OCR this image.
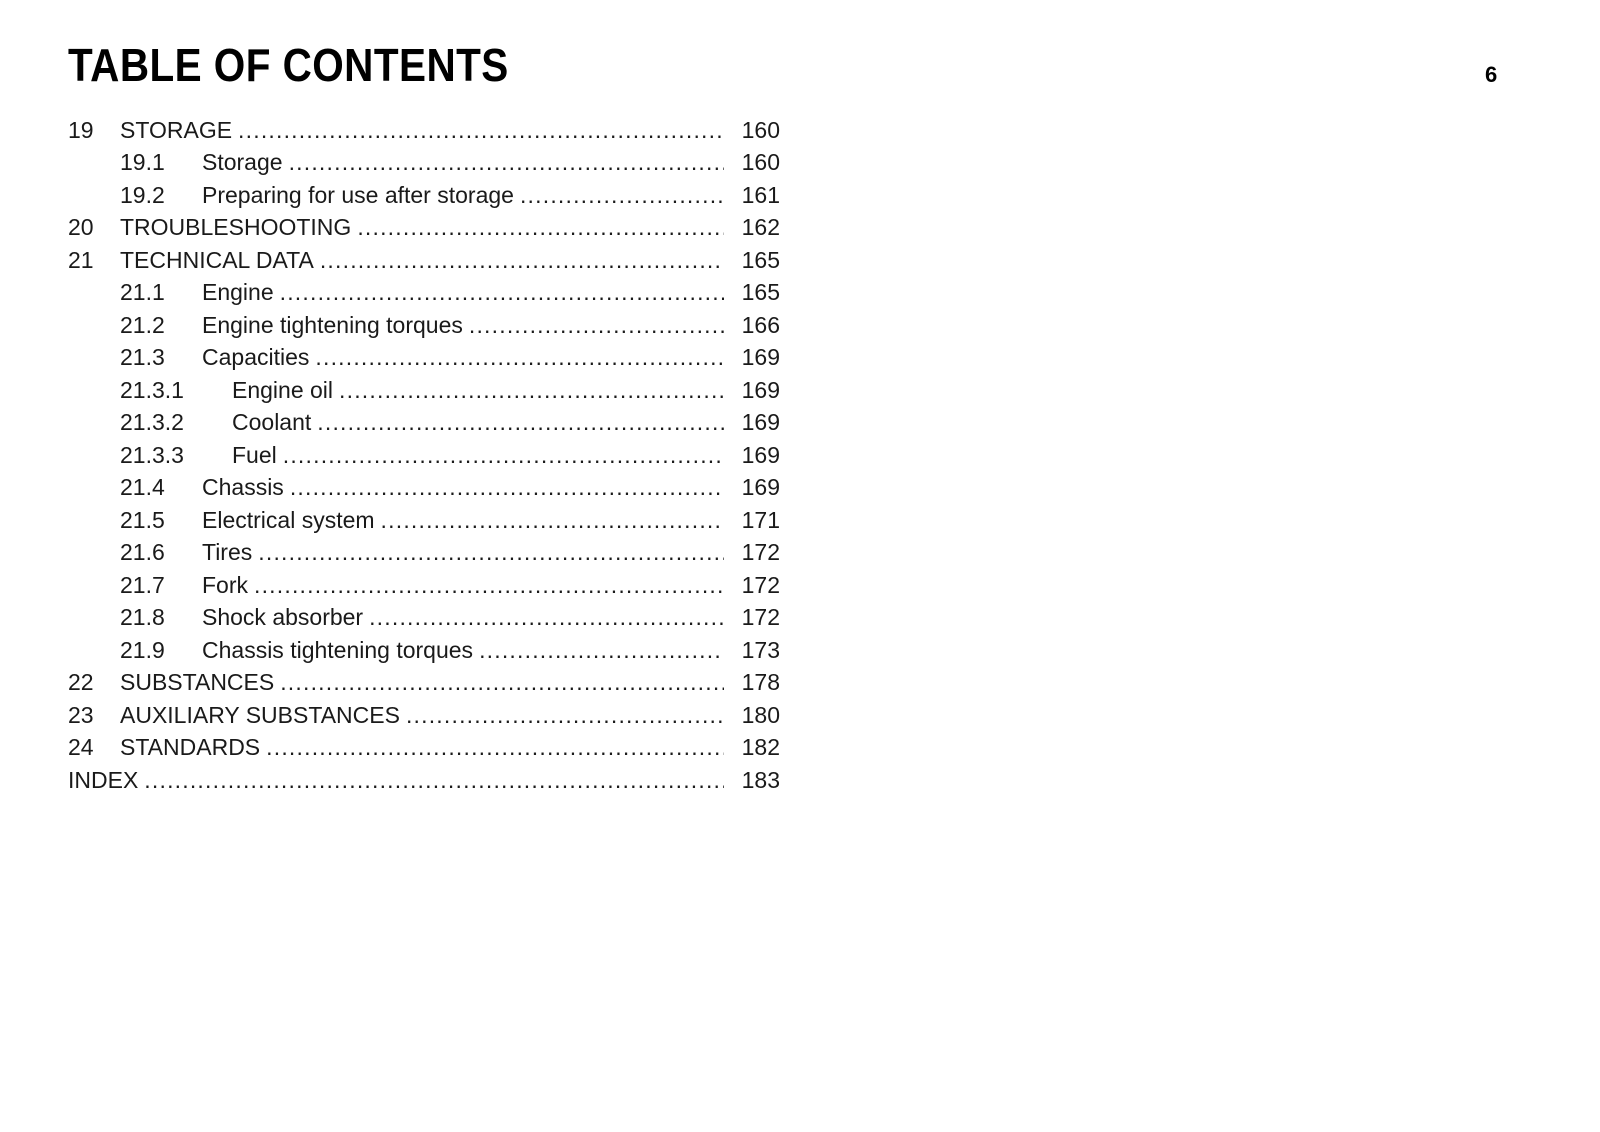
TABLE OF CONTENTS	6
19	STORAGE .....	160
19.1	Storage .....	160
19.2	Preparing for use after storage .....	161
20	TROUBLESHOOTING .....	162
21	TECHNICAL DATA .....	165
21.1	Engine .....	165
21.2	Engine tightening torques .....	166
21.3	Capacities .....	169
21.3.1	Engine oil .....	169
21.3.2	Coolant .....	169
21.3.3	Fuel .....	169
21.4	Chassis .....	169
21.5	Electrical system .....	171
21.6	Tires .....	172
21.7	Fork .....	172
21.8	Shock absorber .....	172
21.9	Chassis tightening torques .....	173
22	SUBSTANCES .....	178
23	AUXILIARY SUBSTANCES .....	180
24	STANDARDS .....	182
INDEX .....	183
